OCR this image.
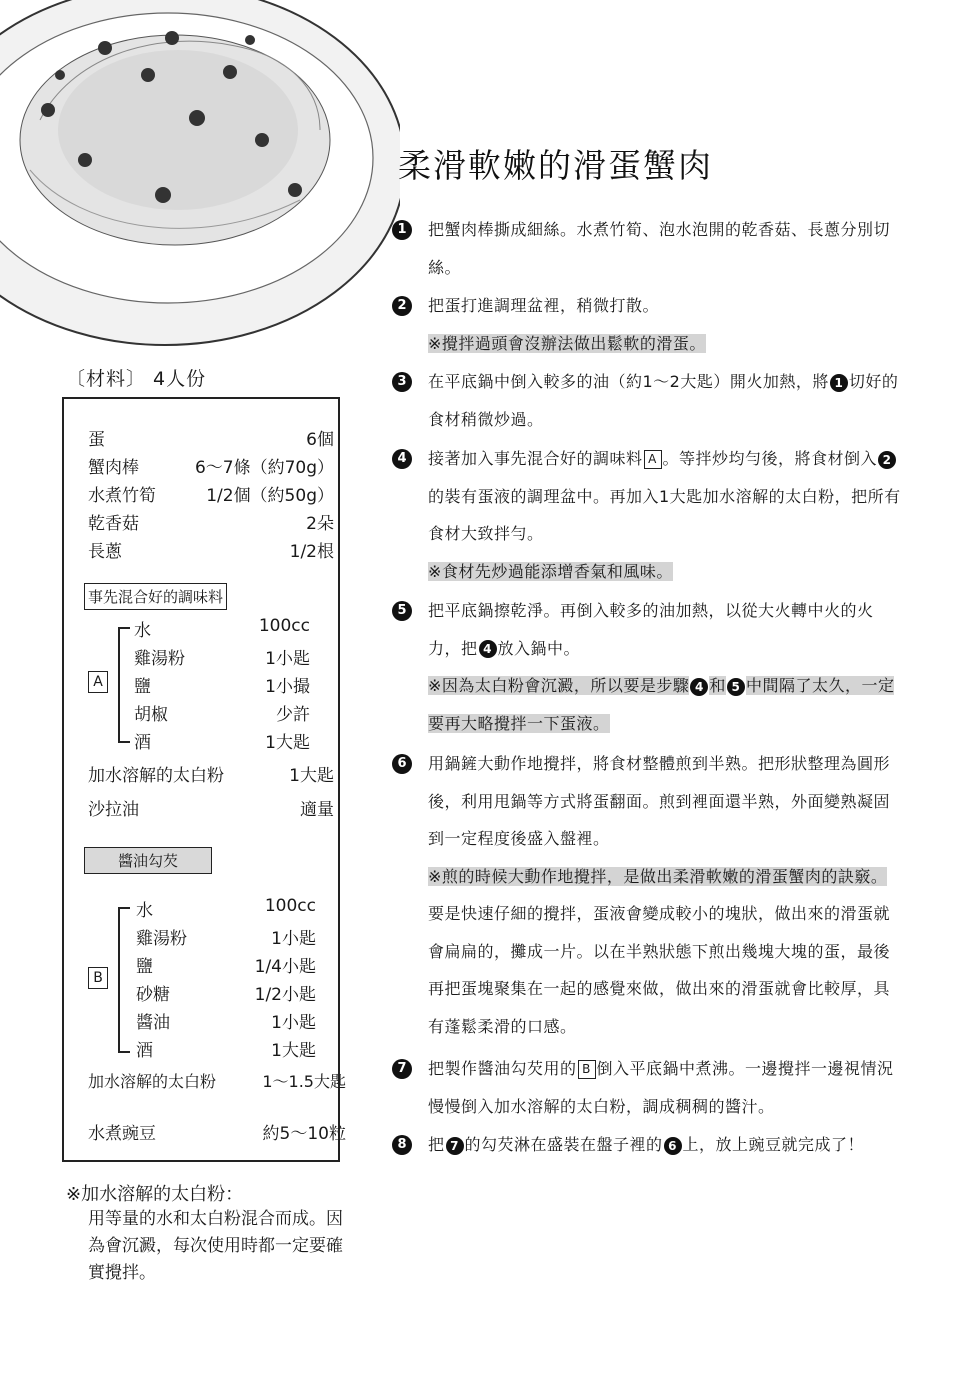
柔滑軟嫩的滑蛋蟹肉
〔材料〕 4人份
蛋	6個
蟹肉棒	6～7條（約70g）
水煮竹筍	1/2個（約50g）
乾香菇	2朵
長蔥	1/2根
事先混合好的調味料
A
水	100cc
雞湯粉	1小匙
鹽	1小撮
胡椒	少許
酒	1大匙
加水溶解的太白粉	1大匙
沙拉油	適量
醬油勾芡
B
水	100cc
雞湯粉	1小匙
鹽	1/4小匙
砂糖	1/2小匙
醬油	1小匙
酒	1大匙
加水溶解的太白粉	1～1.5大匙
水煮豌豆	約5～10粒
※加水溶解的太白粉：
用等量的水和太白粉混合而成。因為會沉澱，每次使用時都一定要確實攪拌。
1	把蟹肉棒撕成細絲。水煮竹筍、泡水泡開的乾香菇、長蔥分別切絲。
2	把蛋打進調理盆裡，稍微打散。
※攪拌過頭會沒辦法做出鬆軟的滑蛋。
3	在平底鍋中倒入較多的油（約1～2大匙）開火加熱，將 1 切好的食材稍微炒過。
4	接著加入事先混合好的調味料 A 。等拌炒均勻後，將食材倒入 2的裝有蛋液的調理盆中。再加入1大匙加水溶解的太白粉，把所有食材大致拌勻。
※食材先炒過能添增香氣和風味。
5	把平底鍋擦乾淨。再倒入較多的油加熱，以從大火轉中火的火力，把 4 放入鍋中。
※因為太白粉會沉澱，所以要是步驟 4 和 5 中間隔了太久，一定要再大略攪拌一下蛋液。
6	用鍋鏟大動作地攪拌，將食材整體煎到半熟。把形狀整理為圓形後，利用甩鍋等方式將蛋翻面。煎到裡面還半熟，外面變熟凝固到一定程度後盛入盤裡。
※煎的時候大動作地攪拌，是做出柔滑軟嫩的滑蛋蟹肉的訣竅。要是快速仔細的攪拌，蛋液會變成較小的塊狀，做出來的滑蛋就會扁扁的，攤成一片。以在半熟狀態下煎出幾塊大塊的蛋，最後再把蛋塊聚集在一起的感覺來做，做出來的滑蛋就會比較厚，具有蓬鬆柔滑的口感。
7	把製作醬油勾芡用的 B 倒入平底鍋中煮沸。一邊攪拌一邊視情況慢慢倒入加水溶解的太白粉，調成稠稠的醬汁。
8	把 7 的勾芡淋在盛裝在盤子裡的 6 上，放上豌豆就完成了！
